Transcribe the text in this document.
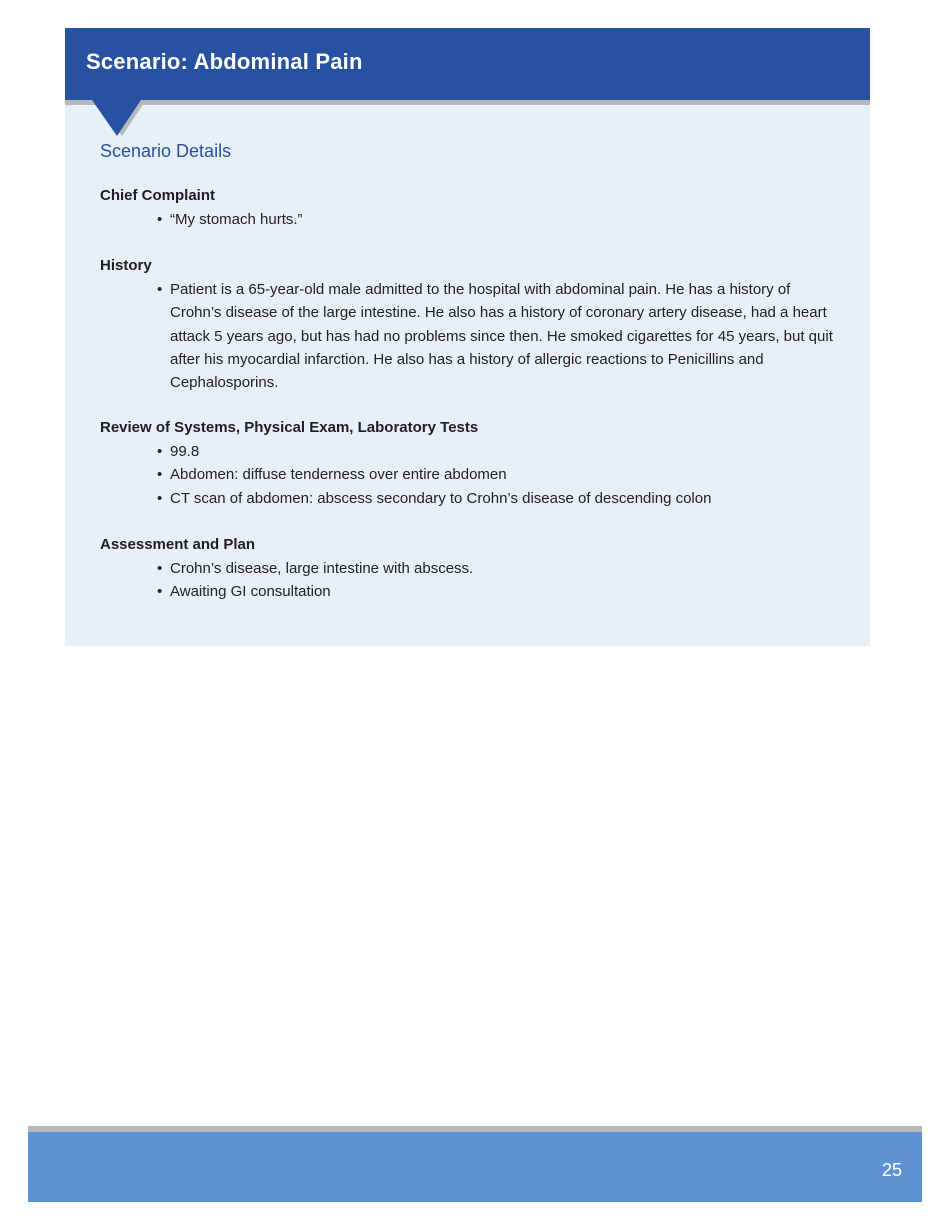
Scenario: Abdominal Pain
Scenario Details
Chief Complaint
• “My stomach hurts.”
History
• Patient is a 65-year-old male admitted to the hospital with abdominal pain. He has a history of Crohn’s disease of the large intestine. He also has a history of coronary artery disease, had a heart attack 5 years ago, but has had no problems since then. He smoked cigarettes for 45 years, but quit after his myocardial infarction. He also has a history of allergic reactions to Penicillins and Cephalosporins.
Review of Systems, Physical Exam, Laboratory Tests
• 99.8
• Abdomen: diffuse tenderness over entire abdomen
• CT scan of abdomen: abscess secondary to Crohn’s disease of descending colon
Assessment and Plan
• Crohn’s disease, large intestine with abscess.
• Awaiting GI consultation
25
